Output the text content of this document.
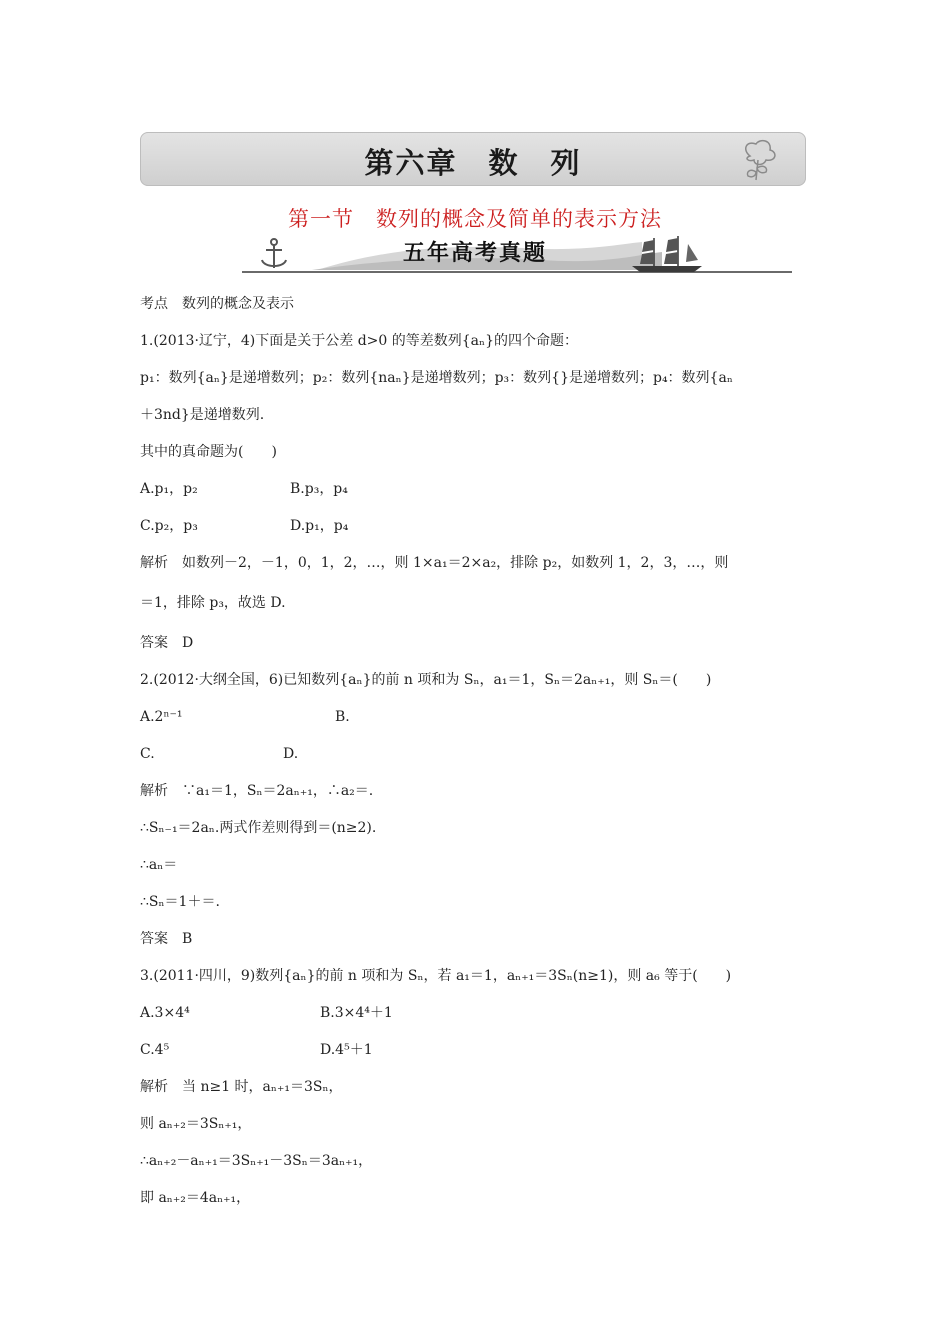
第六章　数　列
第一节　数列的概念及简单的表示方法
五年高考真题
考点　数列的概念及表示
1.(2013·辽宁，4)下面是关于公差 d>0 的等差数列{aₙ}的四个命题：
p₁：数列{aₙ}是递增数列；p₂：数列{naₙ}是递增数列；p₃：数列{}是递增数列；p₄：数列{aₙ
＋3nd}是递增数列.
其中的真命题为(　　)
A.p₁，p₂	B.p₃，p₄
C.p₂，p₃	D.p₁，p₄
解析　如数列－2，－1，0，1，2，…，则 1×a₁＝2×a₂，排除 p₂，如数列 1，2，3，…，则
＝1，排除 p₃，故选 D.
答案　D
2.(2012·大纲全国，6)已知数列{aₙ}的前 n 项和为 Sₙ，a₁＝1，Sₙ＝2aₙ₊₁，则 Sₙ＝(　　)
A.2ⁿ⁻¹	B.
C.	D.
解析　∵a₁＝1，Sₙ＝2aₙ₊₁，∴a₂＝.
∴Sₙ₋₁＝2aₙ.两式作差则得到＝(n≥2).
∴aₙ＝
∴Sₙ＝1＋＝.
答案　B
3.(2011·四川，9)数列{aₙ}的前 n 项和为 Sₙ，若 a₁＝1，aₙ₊₁＝3Sₙ(n≥1)，则 a₆ 等于(　　)
A.3×4⁴	B.3×4⁴＋1
C.4⁵	D.4⁵＋1
解析　当 n≥1 时，aₙ₊₁＝3Sₙ，
则 aₙ₊₂＝3Sₙ₊₁，
∴aₙ₊₂－aₙ₊₁＝3Sₙ₊₁－3Sₙ＝3aₙ₊₁，
即 aₙ₊₂＝4aₙ₊₁，
